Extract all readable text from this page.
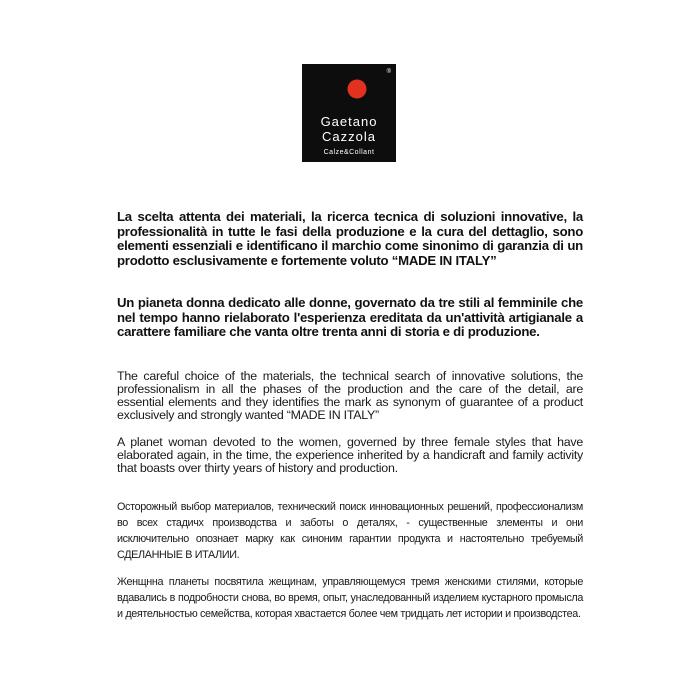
®
Gaetano
Cazzola
Calze&Collant

La scelta attenta dei materiali, la ricerca tecnica di soluzioni innovative, la professionalità in tutte le fasi della produzione e la cura del dettaglio, sono elementi essenziali e identificano il marchio come sinonimo di garanzia di un prodotto esclusivamente e fortemente voluto “MADE IN ITALY”

Un pianeta donna dedicato alle donne, governato da tre stili al femminile che nel tempo hanno rielaborato l'esperienza ereditata da un'attività artigianale a carattere familiare che vanta oltre trenta anni di storia e di produzione.

The careful choice of the materials, the technical search of innovative solutions, the professionalism in all the phases of the production and the care of the detail, are essential elements and they identifies the mark as synonym of guarantee of a product exclusively and strongly wanted “MADE IN ITALY”

A planet woman devoted to the women, governed by three female styles that have elaborated again, in the time, the experience inherited by a handicraft and family activity that boasts over thirty years of history and production.

Осторожный выбор материалов, технический поиск инновационных решений, профессионализм во всех стадичх производства и заботы о деталях, - существенные злементы и они исключительно опознает марку как синоним гарантии продукта и настоятельно требуемый СДЕЛАННЫЕ В ИТАЛИИ.

Женщнна планеты посвятила жещинам, управляющемуся тремя женскими стилями, которые вдавались в подробности снова, во время, опыт, унаследованный изделием кустарного промысла и деятельностью семейства, которая хвастается более чем тридцать лет истории и производстеа.
